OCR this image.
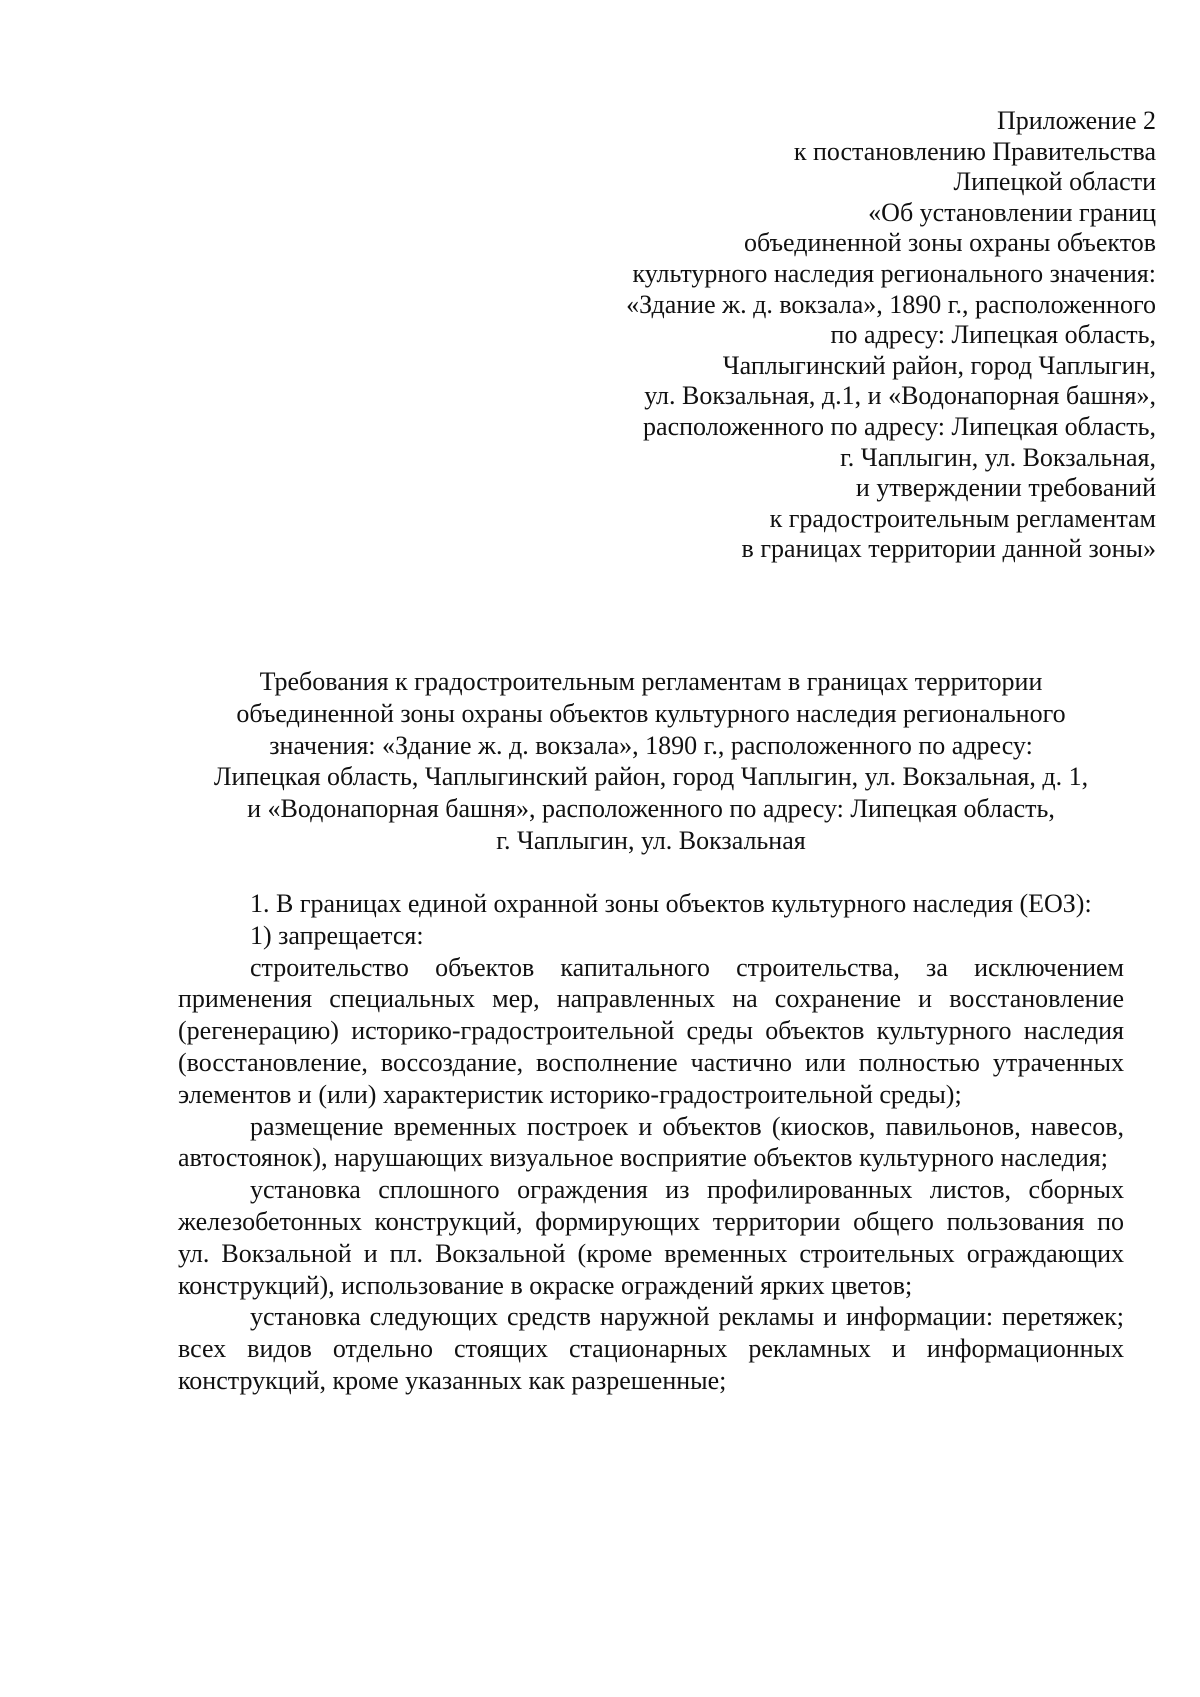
Приложение 2
к постановлению Правительства
Липецкой области
«Об установлении границ
объединенной зоны охраны объектов
культурного наследия регионального значения:
«Здание ж. д. вокзала», 1890 г., расположенного
по адресу: Липецкая область,
Чаплыгинский район, город Чаплыгин,
ул. Вокзальная, д.1, и «Водонапорная башня»,
расположенного по адресу: Липецкая область,
г. Чаплыгин, ул. Вокзальная,
и утверждении требований
к градостроительным регламентам
в границах территории данной зоны»
Требования к градостроительным регламентам в границах территории
объединенной зоны охраны объектов культурного наследия регионального
значения: «Здание ж. д. вокзала», 1890 г., расположенного по адресу:
Липецкая область, Чаплыгинский район, город Чаплыгин, ул. Вокзальная, д. 1,
и «Водонапорная башня», расположенного по адресу: Липецкая область,
г. Чаплыгин, ул. Вокзальная

1. В границах единой охранной зоны объектов культурного наследия (ЕОЗ):

1) запрещается:

строительство объектов капитального строительства, за исключением применения специальных мер, направленных на сохранение и восстановление (регенерацию) историко-градостроительной среды объектов культурного наследия (восстановление, воссоздание, восполнение частично или полностью утраченных элементов и (или) характеристик историко-градостроительной среды);

размещение временных построек и объектов (киосков, павильонов, навесов, автостоянок), нарушающих визуальное восприятие объектов культурного наследия;

установка сплошного ограждения из профилированных листов, сборных железобетонных конструкций, формирующих территории общего пользования по ул. Вокзальной и пл. Вокзальной (кроме временных строительных ограждающих конструкций), использование в окраске ограждений ярких цветов;

установка следующих средств наружной рекламы и информации: перетяжек; всех видов отдельно стоящих стационарных рекламных и информационных конструкций, кроме указанных как разрешенные;
